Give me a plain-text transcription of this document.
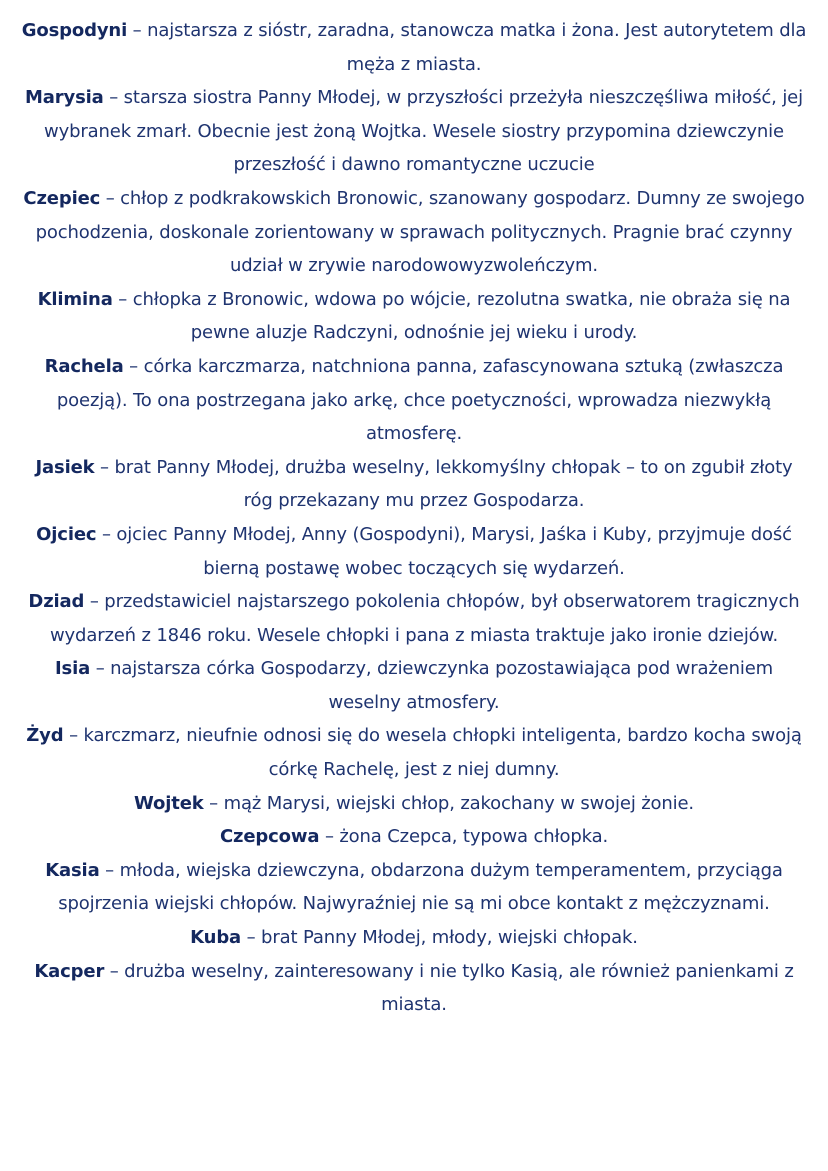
Gospodyni – najstarsza z sióstr, zaradna, stanowcza matka i żona. Jest autorytetem dla męża z miasta.

Marysia – starsza siostra Panny Młodej, w przyszłości przeżyła nieszczęśliwa miłość, jej wybranek zmarł. Obecnie jest żoną Wojtka. Wesele siostry przypomina dziewczynie przeszłość i dawno romantyczne uczucie

Czepiec – chłop z podkrakowskich Bronowic, szanowany gospodarz. Dumny ze swojego pochodzenia, doskonale zorientowany w sprawach politycznych. Pragnie brać czynny udział w zrywie narodowowyzwoleńczym.

Klimina – chłopka z Bronowic, wdowa po wójcie, rezolutna swatka, nie obraża się na pewne aluzje Radczyni, odnośnie jej wieku i urody.

Rachela – córka karczmarza, natchniona panna, zafascynowana sztuką (zwłaszcza poezją). To ona postrzegana jako arkę, chce poetyczności, wprowadza niezwykłą atmosferę.

Jasiek – brat Panny Młodej, drużba weselny, lekkomyślny chłopak – to on zgubił złoty róg przekazany mu przez Gospodarza.

Ojciec – ojciec Panny Młodej, Anny (Gospodyni), Marysi, Jaśka i Kuby, przyjmuje dość bierną postawę wobec toczących się wydarzeń.

Dziad – przedstawiciel najstarszego pokolenia chłopów, był obserwatorem tragicznych wydarzeń z 1846 roku. Wesele chłopki i pana z miasta traktuje jako ironie dziejów.

Isia – najstarsza córka Gospodarzy, dziewczynka pozostawiająca pod wrażeniem weselny atmosfery.

Żyd – karczmarz, nieufnie odnosi się do wesela chłopki inteligenta, bardzo kocha swoją córkę Rachelę, jest z niej dumny.

Wojtek – mąż Marysi, wiejski chłop, zakochany w swojej żonie.

Czepcowa – żona Czepca, typowa chłopka.

Kasia – młoda, wiejska dziewczyna, obdarzona dużym temperamentem, przyciąga spojrzenia wiejski chłopów. Najwyraźniej nie są mi obce kontakt z mężczyznami.

Kuba – brat Panny Młodej, młody, wiejski chłopak.

Kacper – drużba weselny, zainteresowany i nie tylko Kasią, ale również panienkami z miasta.
